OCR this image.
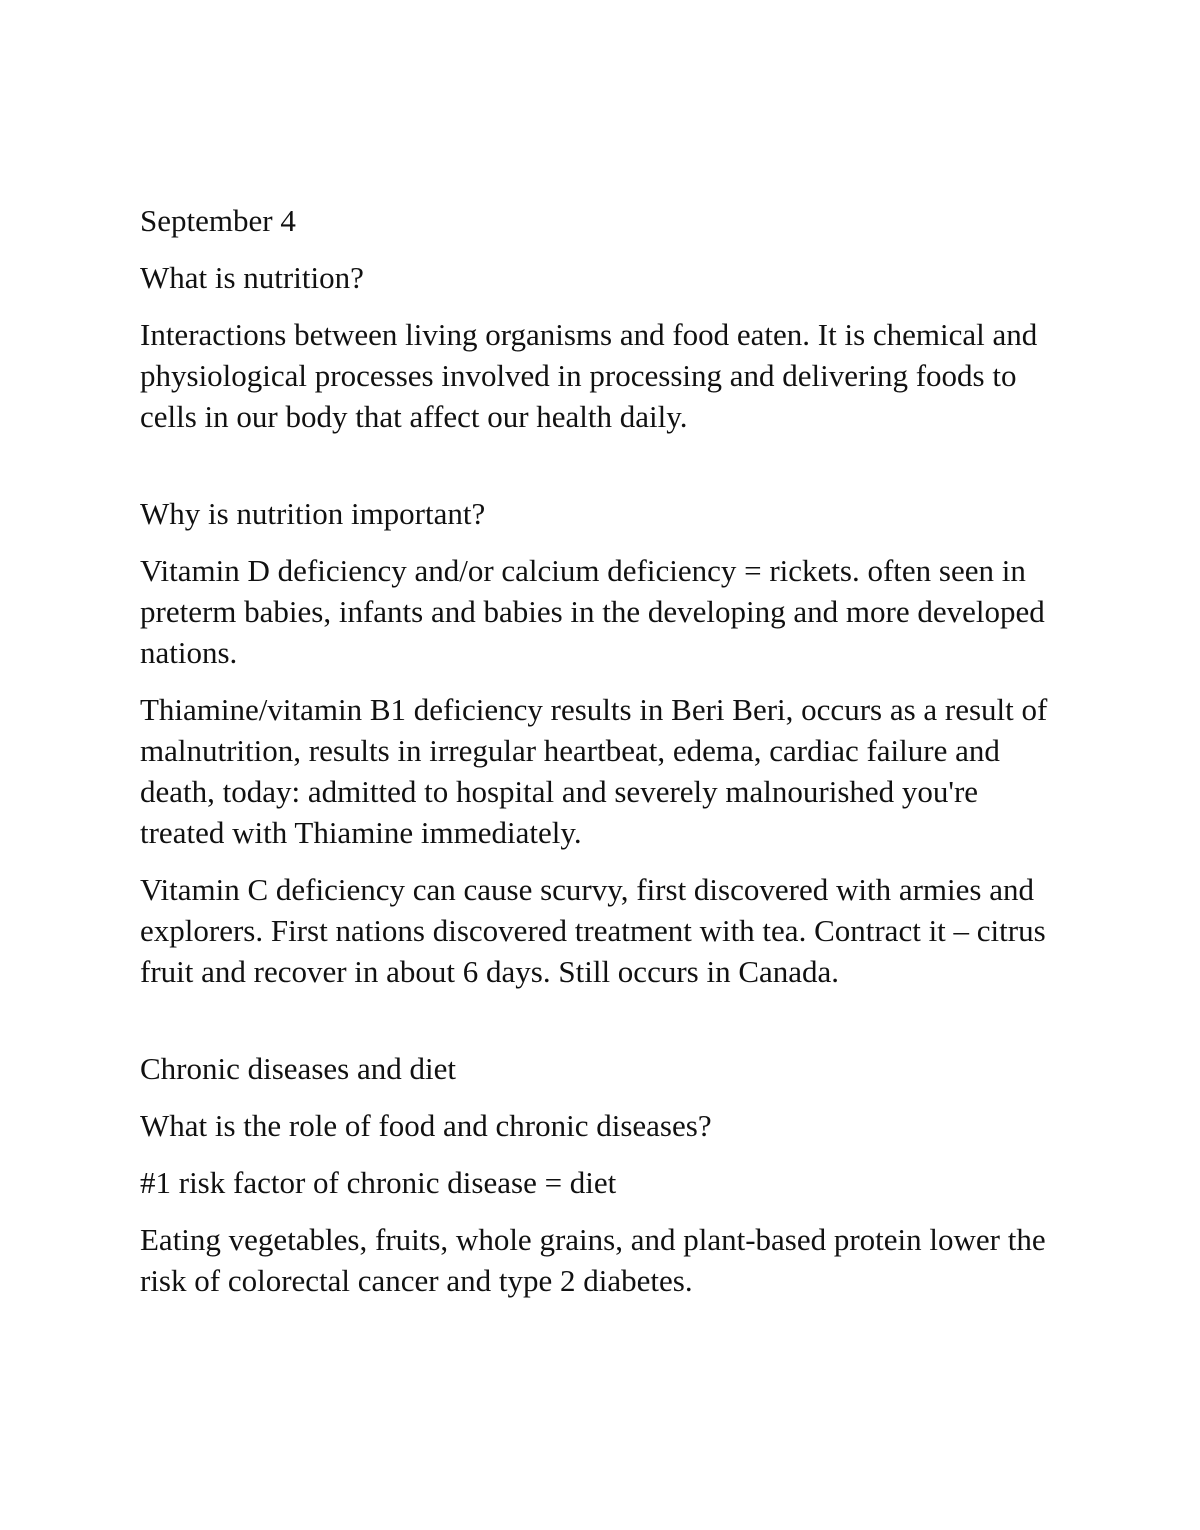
September 4

What is nutrition?

Interactions between living organisms and food eaten. It is chemical and physiological processes involved in processing and delivering foods to cells in our body that affect our health daily.

Why is nutrition important?

Vitamin D deficiency and/or calcium deficiency = rickets. often seen in preterm babies, infants and babies in the developing and more developed nations.

Thiamine/vitamin B1 deficiency results in Beri Beri, occurs as a result of malnutrition, results in irregular heartbeat, edema, cardiac failure and death, today: admitted to hospital and severely malnourished you're treated with Thiamine immediately.

Vitamin C deficiency can cause scurvy, first discovered with armies and explorers. First nations discovered treatment with tea. Contract it – citrus fruit and recover in about 6 days. Still occurs in Canada.

Chronic diseases and diet

What is the role of food and chronic diseases?

#1 risk factor of chronic disease = diet

Eating vegetables, fruits, whole grains, and plant-based protein lower the risk of colorectal cancer and type 2 diabetes.
